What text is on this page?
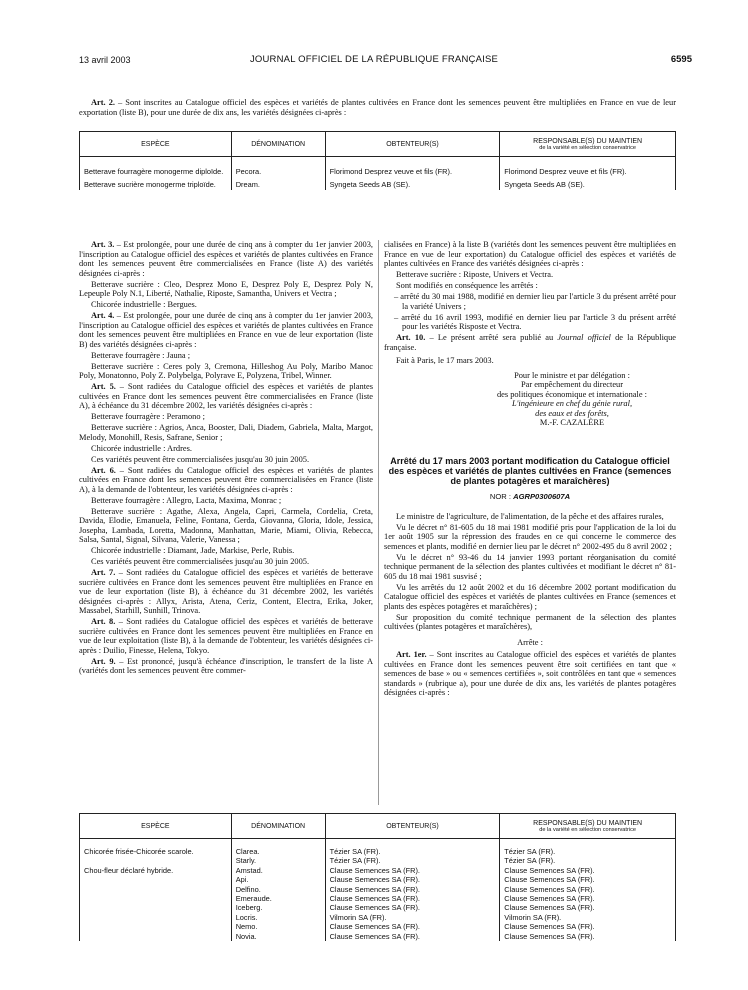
13 avril 2003	JOURNAL OFFICIEL DE LA RÉPUBLIQUE FRANÇAISE	6595

Art. 2. – Sont inscrites au Catalogue officiel des espèces et variétés de plantes cultivées en France dont les semences peuvent être multipliées en France en vue de leur exportation (liste B), pour une durée de dix ans, les variétés désignées ci-après :

ESPÈCE	DÉNOMINATION	OBTENTEUR(S)	RESPONSABLE(S) DU MAINTIEN
de la variété en sélection conservatrice

Betterave fourragère monogerme diploïde.	Pecora.	Florimond Desprez veuve et fils (FR).	Florimond Desprez veuve et fils (FR).
Betterave sucrière monogerme triploïde.	Dream.	Syngeta Seeds AB (SE).	Syngeta Seeds AB (SE).

Art. 3. – Est prolongée, pour une durée de cinq ans à compter du 1er janvier 2003, l'inscription au Catalogue officiel des espèces et variétés de plantes cultivées en France dont les semences peuvent être commercialisées en France (liste A) des variétés désignées ci-après :

Betterave sucrière : Cleo, Desprez Mono E, Desprez Poly E, Desprez Poly N, Lepeuple Poly N.1, Liberté, Nathalie, Riposte, Samantha, Univers et Vectra ;

Chicorée industrielle : Bergues.

Art. 4. – Est prolongée, pour une durée de cinq ans à compter du 1er janvier 2003, l'inscription au Catalogue officiel des espèces et variétés de plantes cultivées en France dont les semences peuvent être multipliées en France en vue de leur exportation (liste B) des variétés désignées ci-après :

Betterave fourragère : Jauna ;

Betterave sucrière : Ceres poly 3, Cremona, Hilleshog Au Poly, Maribo Manoc Poly, Monatonno, Poly Z. Polybelga, Polyrave E, Polyzena, Tribel, Winner.

Art. 5. – Sont radiées du Catalogue officiel des espèces et variétés de plantes cultivées en France dont les semences peuvent être commercialisées en France (liste A), à échéance du 31 décembre 2002, les variétés désignées ci-après :

Betterave fourragère : Peramono ;

Betterave sucrière : Agrios, Anca, Booster, Dali, Diadem, Gabriela, Malta, Margot, Melody, Monohill, Resis, Safrane, Senior ;

Chicorée industrielle : Ardres.

Ces variétés peuvent être commercialisées jusqu'au 30 juin 2005.

Art. 6. – Sont radiées du Catalogue officiel des espèces et variétés de plantes cultivées en France dont les semences peuvent être commercialisées en France (liste A), à la demande de l'obtenteur, les variétés désignées ci-après :

Betterave fourragère : Allegro, Lacta, Maxima, Monrac ;

Betterave sucrière : Agathe, Alexa, Angela, Capri, Carmela, Cordelia, Creta, Davida, Elodie, Emanuela, Feline, Fontana, Gerda, Giovanna, Gloria, Idole, Jessica, Josepha, Lambada, Loretta, Madonna, Manhattan, Marie, Miami, Olivia, Rebecca, Salsa, Santal, Signal, Silvana, Valerie, Vanessa ;

Chicorée industrielle : Diamant, Jade, Markise, Perle, Rubis.

Ces variétés peuvent être commercialisées jusqu'au 30 juin 2005.

Art. 7. – Sont radiées du Catalogue officiel des espèces et variétés de betterave sucrière cultivées en France dont les semences peuvent être multipliées en France en vue de leur exportation (liste B), à échéance du 31 décembre 2002, les variétés désignées ci-après : Allyx, Arista, Atena, Ceriz, Content, Electra, Erika, Joker, Massabel, Starhill, Sunhill, Trinova.

Art. 8. – Sont radiées du Catalogue officiel des espèces et variétés de betterave sucrière cultivées en France dont les semences peuvent être multipliées en France en vue de leur exploitation (liste B), à la demande de l'obtenteur, les variétés désignées ci-après : Duilio, Finesse, Helena, Tokyo.

Art. 9. – Est prononcé, jusqu'à échéance d'inscription, le transfert de la liste A (variétés dont les semences peuvent être commer-

cialisées en France) à la liste B (variétés dont les semences peuvent être multipliées en France en vue de leur exportation) du Catalogue officiel des espèces et variétés de plantes cultivées en France des variétés désignées ci-après :

Betterave sucrière : Riposte, Univers et Vectra.

Sont modifiés en conséquence les arrêtés :

– arrêté du 30 mai 1988, modifié en dernier lieu par l'article 3 du présent arrêté pour la variété Univers ;

– arrêté du 16 avril 1993, modifié en dernier lieu par l'article 3 du présent arrêté pour les variétés Risposte et Vectra.

Art. 10. – Le présent arrêté sera publié au Journal officiel de la République française.

Fait à Paris, le 17 mars 2003.

Pour le ministre et par délégation :
Par empêchement du directeur
des politiques économique et internationale :
L'ingénieure en chef du génie rural,
des eaux et des forêts,
M.-F. CAZALÈRE
Arrêté du 17 mars 2003 portant modification du Catalogue officiel des espèces et variétés de plantes cultivées en France (semences de plantes potagères et maraîchères)
NOR : AGRP0300607A

Le ministre de l'agriculture, de l'alimentation, de la pêche et des affaires rurales,

Vu le décret n° 81-605 du 18 mai 1981 modifié pris pour l'application de la loi du 1er août 1905 sur la répression des fraudes en ce qui concerne le commerce des semences et plants, modifié en dernier lieu par le décret n° 2002-495 du 8 avril 2002 ;

Vu le décret n° 93-46 du 14 janvier 1993 portant réorganisation du comité technique permanent de la sélection des plantes cultivées et modifiant le décret n° 81-605 du 18 mai 1981 susvisé ;

Vu les arrêtés du 12 août 2002 et du 16 décembre 2002 portant modification du Catalogue officiel des espèces et variétés de plantes cultivées en France (semences et plants des espèces potagères et maraîchères) ;

Sur proposition du comité technique permanent de la sélection des plantes cultivées (plantes potagères et maraîchères),

Arrête :

Art. 1er. – Sont inscrites au Catalogue officiel des espèces et variétés de plantes cultivées en France dont les semences peuvent être soit certifiées en tant que « semences de base » ou « semences certifiées », soit contrôlées en tant que « semences standards » (rubrique a), pour une durée de dix ans, les variétés de plantes potagères désignées ci-après :

ESPÈCE	DÉNOMINATION	OBTENTEUR(S)	RESPONSABLE(S) DU MAINTIEN
de la variété en sélection conservatrice

Chicorée frisée-Chicorée scarole.	Clarea.	Tézier SA (FR).	Tézier SA (FR).
	Starly.	Tézier SA (FR).	Tézier SA (FR).
Chou-fleur déclaré hybride.	Amstad.	Clause Semences SA (FR).	Clause Semences SA (FR).
	Api.	Clause Semences SA (FR).	Clause Semences SA (FR).
	Delfino.	Clause Semences SA (FR).	Clause Semences SA (FR).
	Emeraude.	Clause Semences SA (FR).	Clause Semences SA (FR).
	Iceberg.	Clause Semences SA (FR).	Clause Semences SA (FR).
	Locris.	Vilmorin SA (FR).	Vilmorin SA (FR).
	Nemo.	Clause Semences SA (FR).	Clause Semences SA (FR).
	Novia.	Clause Semences SA (FR).	Clause Semences SA (FR).
